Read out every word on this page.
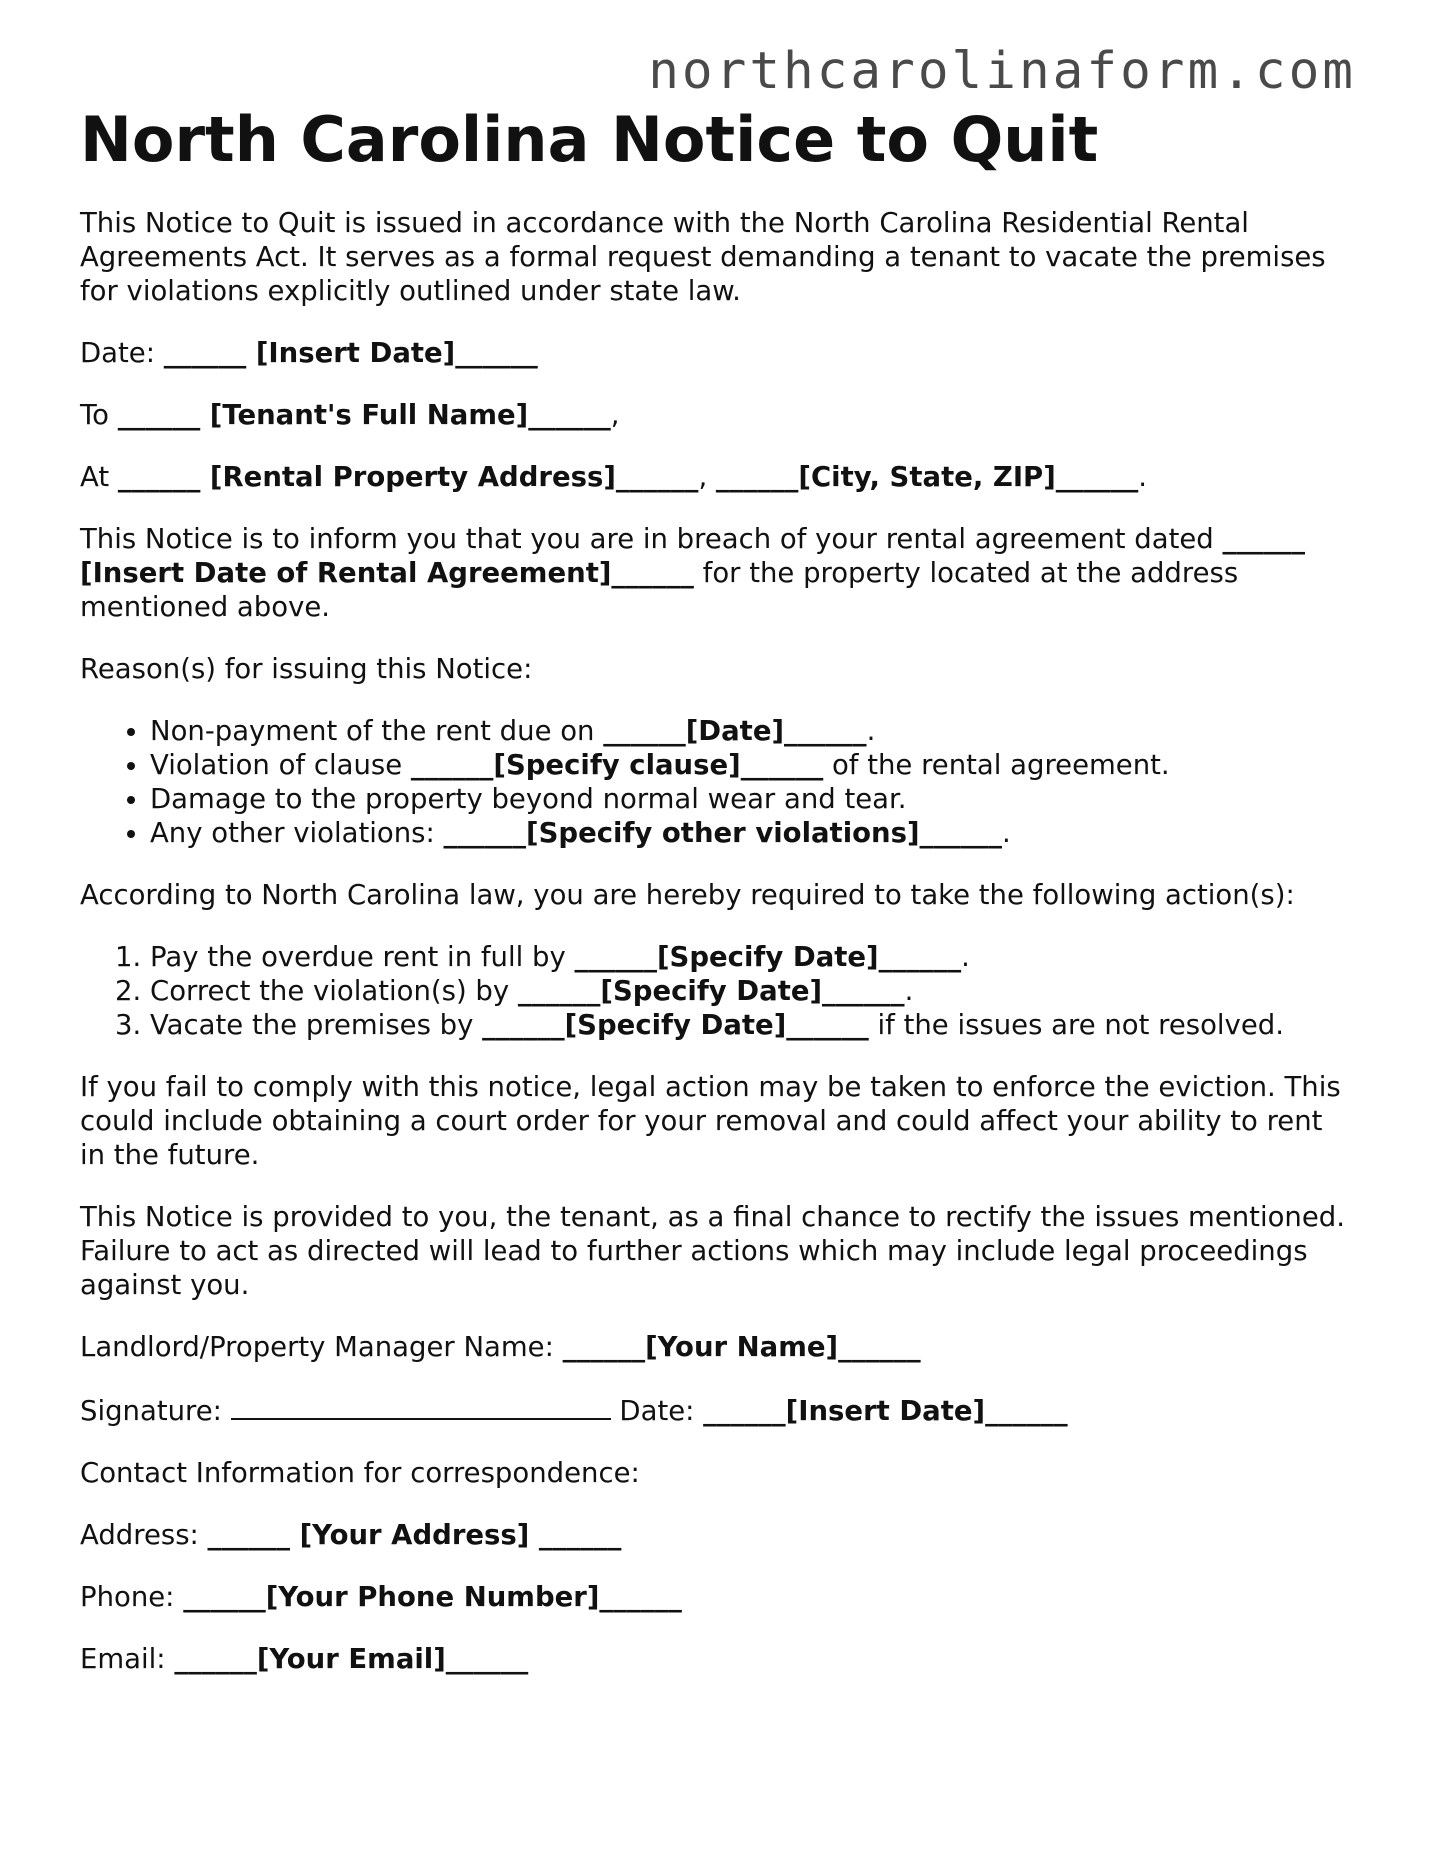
northcarolinaform.com
North Carolina Notice to Quit

This Notice to Quit is issued in accordance with the North Carolina Residential Rental Agreements Act. It serves as a formal request demanding a tenant to vacate the premises for violations explicitly outlined under state law.

Date: ______ [Insert Date]______

To ______ [Tenant's Full Name]______,

At ______ [Rental Property Address]______, ______[City, State, ZIP]______.

This Notice is to inform you that you are in breach of your rental agreement dated ______ [Insert Date of Rental Agreement]______ for the property located at the address mentioned above.

Reason(s) for issuing this Notice:

• Non-payment of the rent due on ______[Date]______.
• Violation of clause ______[Specify clause]______ of the rental agreement.
• Damage to the property beyond normal wear and tear.
• Any other violations: ______[Specify other violations]______.

According to North Carolina law, you are hereby required to take the following action(s):

1. Pay the overdue rent in full by ______[Specify Date]______.
2. Correct the violation(s) by ______[Specify Date]______.
3. Vacate the premises by ______[Specify Date]______ if the issues are not resolved.

If you fail to comply with this notice, legal action may be taken to enforce the eviction. This could include obtaining a court order for your removal and could affect your ability to rent in the future.

This Notice is provided to you, the tenant, as a final chance to rectify the issues mentioned. Failure to act as directed will lead to further actions which may include legal proceedings against you.

Landlord/Property Manager Name: ______[Your Name]______

Signature:	Date: ______[Insert Date]______

Contact Information for correspondence:

Address: ______ [Your Address] ______

Phone: ______[Your Phone Number]______

Email: ______[Your Email]______
